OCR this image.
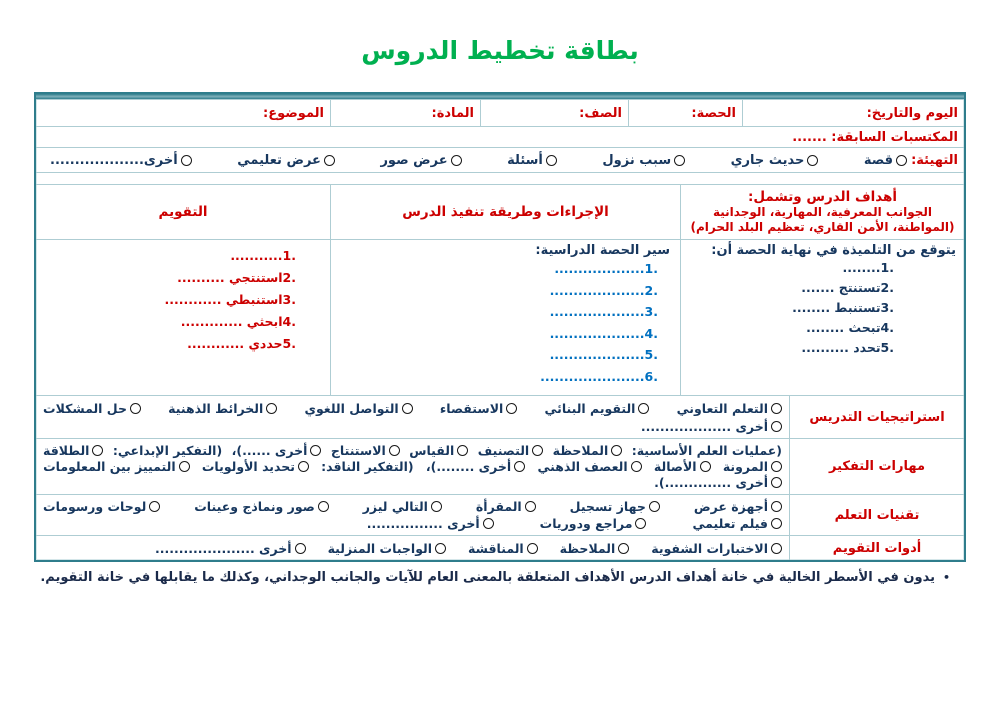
بطاقة تخطيط الدروس
اليوم والتاريخ:
الحصة:
الصف:
المادة:
الموضوع:
المكتسبات السابقة: .......
التهيئة:
قصة
حديث جاري
سبب نزول
أسئلة
عرض صور
عرض تعليمي
أخرى...................
أهداف الدرس وتشمل:
الجوانب المعرفية، المهارية، الوجدانية (المواطنة، الأمن القاري، تعظيم البلد الحرام)
يتوقع من التلميذة في نهاية الحصة أن:
1.........
2.تستنتج .......
3.تستنبط ........
4.تبحث ........
5.تحدد ..........
الإجراءات وطريقة تنفيذ الدرس
سير الحصة الدراسية:
1....................
2.....................
3.....................
4.....................
5.....................
6.......................
التقويم
1............
2.استنتجي ..........
3.استنبطي ............
4.ابحثي .............
5.حددي ............
استراتيجيات التدريس
التعلم التعاوني
التقويم البنائي
الاستقصاء
التواصل اللغوي
الخرائط الذهنية
حل المشكلات
أخرى ...................
مهارات التفكير
(عمليات العلم الأساسية:
الملاحظة
التصنيف
القياس
الاستنتاج
أخرى ......)،
(التفكير الإبداعي:
الطلاقة
المرونة
الأصالة
العصف الذهني
أخرى ........)،
(التفكير الناقد:
تحديد الأولويات
التمييز بين المعلومات
أخرى ..............).
تقنيات التعلم
أجهزة عرض
جهاز تسجيل
المقرأة
التالي ليزر
صور ونماذج وعينات
لوحات ورسومات
فيلم تعليمي
مراجع ودوريات
أخرى ................
أدوات التقويم
الاختبارات الشفوية
الملاحظة
المناقشة
الواجبات المنزلية
أخرى .....................
•
يدون في الأسطر الخالية في خانة أهداف الدرس الأهداف المتعلقة بالمعنى العام للآيات والجانب الوجداني، وكذلك ما يقابلها في خانة التقويم.
